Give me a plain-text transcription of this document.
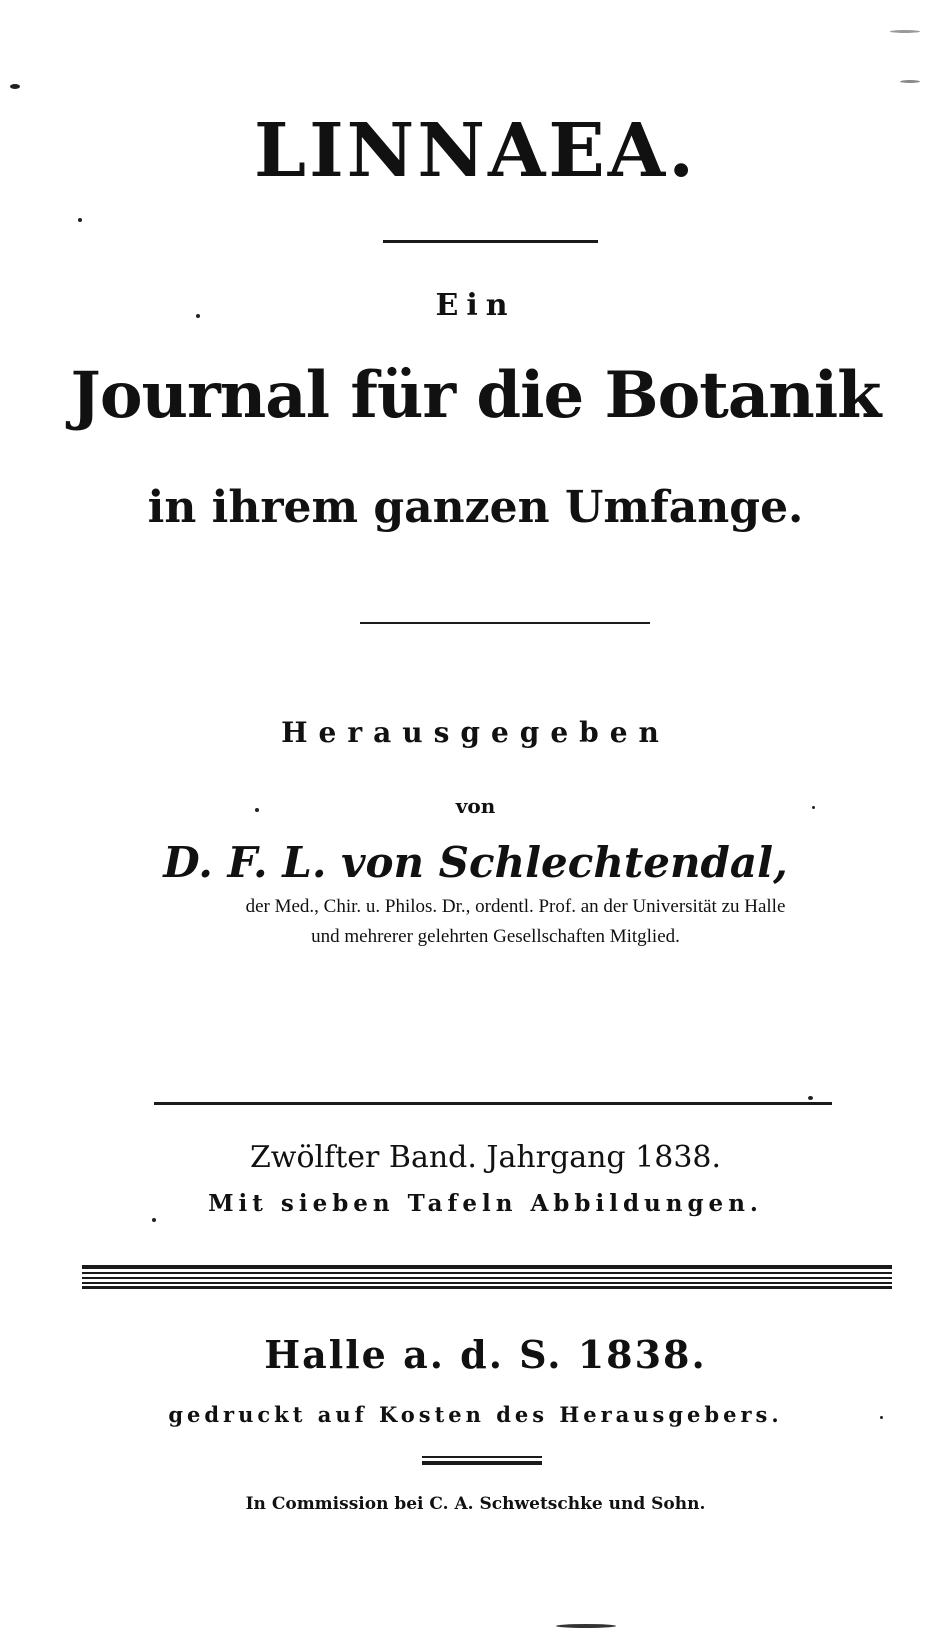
LINNAEA.
Ein
Journal für die Botanik
in ihrem ganzen Umfange.
Herausgegeben
von
D. F. L. von Schlechtendal,
der Med., Chir. u. Philos. Dr., ordentl. Prof. an der Universität zu Halle
und mehrerer gelehrten Gesellschaften Mitglied.
Zwölfter Band. Jahrgang 1838.
Mit sieben Tafeln Abbildungen.
Halle a. d. S. 1838.
gedruckt auf Kosten des Herausgebers.
In Commission bei C. A. Schwetschke und Sohn.
